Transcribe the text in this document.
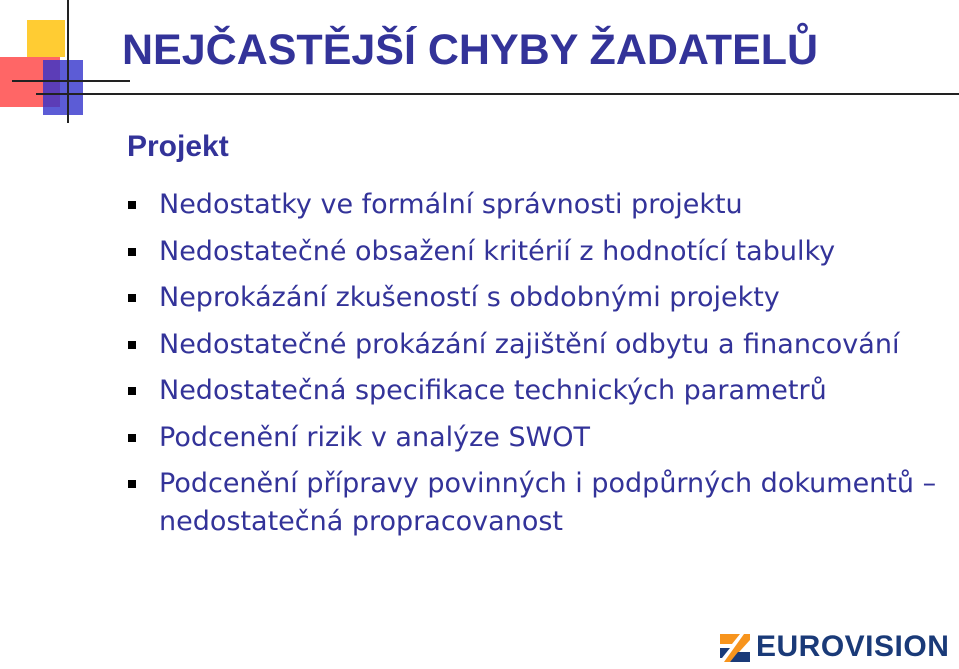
NEJČASTĚJŠÍ CHYBY ŽADATELŮ
Projekt
Nedostatky ve formální správnosti projektu
Nedostatečné obsažení kritérií z hodnotící tabulky
Neprokázání zkušeností s obdobnými projekty
Nedostatečné prokázání zajištění odbytu a financování
Nedostatečná specifikace technických parametrů
Podcenění rizik v analýze SWOT
Podcenění přípravy povinných i podpůrných dokumentů – nedostatečná propracovanost
EUROVISION
